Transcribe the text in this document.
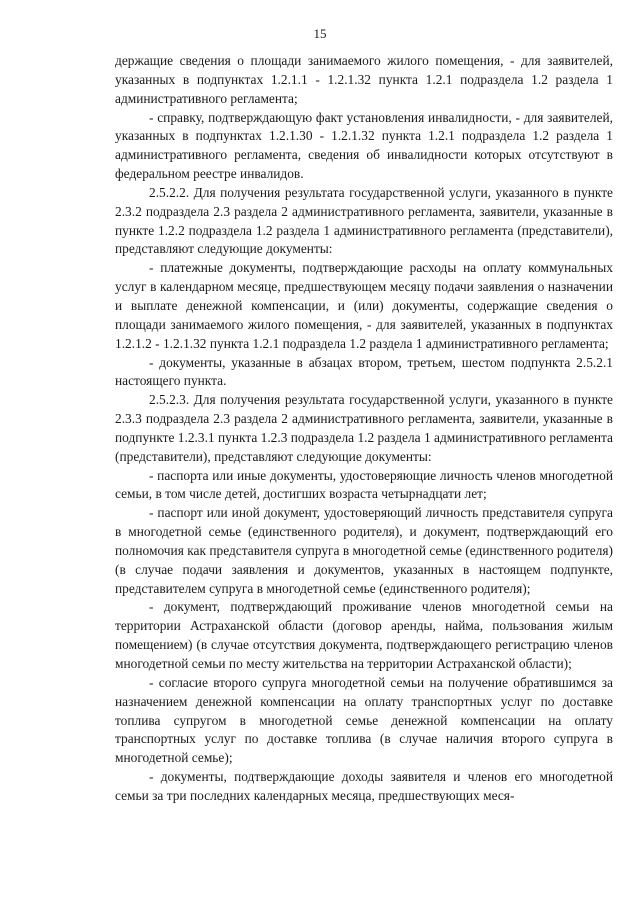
15

держащие сведения о площади занимаемого жилого помещения, - для заявителей, указанных в подпунктах 1.2.1.1 - 1.2.1.32 пункта 1.2.1 подраздела 1.2 раздела 1 административного регламента;

- справку, подтверждающую факт установления инвалидности, - для заявителей, указанных в подпунктах 1.2.1.30 - 1.2.1.32 пункта 1.2.1 подраздела 1.2 раздела 1 административного регламента, сведения об инвалидности которых отсутствуют в федеральном реестре инвалидов.

2.5.2.2. Для получения результата государственной услуги, указанного в пункте 2.3.2 подраздела 2.3 раздела 2 административного регламента, заявители, указанные в пункте 1.2.2 подраздела 1.2 раздела 1 административного регламента (представители), представляют следующие документы:

- платежные документы, подтверждающие расходы на оплату коммунальных услуг в календарном месяце, предшествующем месяцу подачи заявления о назначении и выплате денежной компенсации, и (или) документы, содержащие сведения о площади занимаемого жилого помещения, - для заявителей, указанных в подпунктах 1.2.1.2 - 1.2.1.32 пункта 1.2.1 подраздела 1.2 раздела 1 административного регламента;

- документы, указанные в абзацах втором, третьем, шестом подпункта 2.5.2.1 настоящего пункта.

2.5.2.3. Для получения результата государственной услуги, указанного в пункте 2.3.3 подраздела 2.3 раздела 2 административного регламента, заявители, указанные в подпункте 1.2.3.1 пункта 1.2.3 подраздела 1.2 раздела 1 административного регламента (представители), представляют следующие документы:

- паспорта или иные документы, удостоверяющие личность членов многодетной семьи, в том числе детей, достигших возраста четырнадцати лет;

- паспорт или иной документ, удостоверяющий личность представителя супруга в многодетной семье (единственного родителя), и документ, подтверждающий его полномочия как представителя супруга в многодетной семье (единственного родителя) (в случае подачи заявления и документов, указанных в настоящем подпункте, представителем супруга в многодетной семье (единственного родителя);

- документ, подтверждающий проживание членов многодетной семьи на территории Астраханской области (договор аренды, найма, пользования жилым помещением) (в случае отсутствия документа, подтверждающего регистрацию членов многодетной семьи по месту жительства на территории Астраханской области);

- согласие второго супруга многодетной семьи на получение обратившимся за назначением денежной компенсации на оплату транспортных услуг по доставке топлива супругом в многодетной семье денежной компенсации на оплату транспортных услуг по доставке топлива (в случае наличия второго супруга в многодетной семье);

- документы, подтверждающие доходы заявителя и членов его многодетной семьи за три последних календарных месяца, предшествующих меся-
